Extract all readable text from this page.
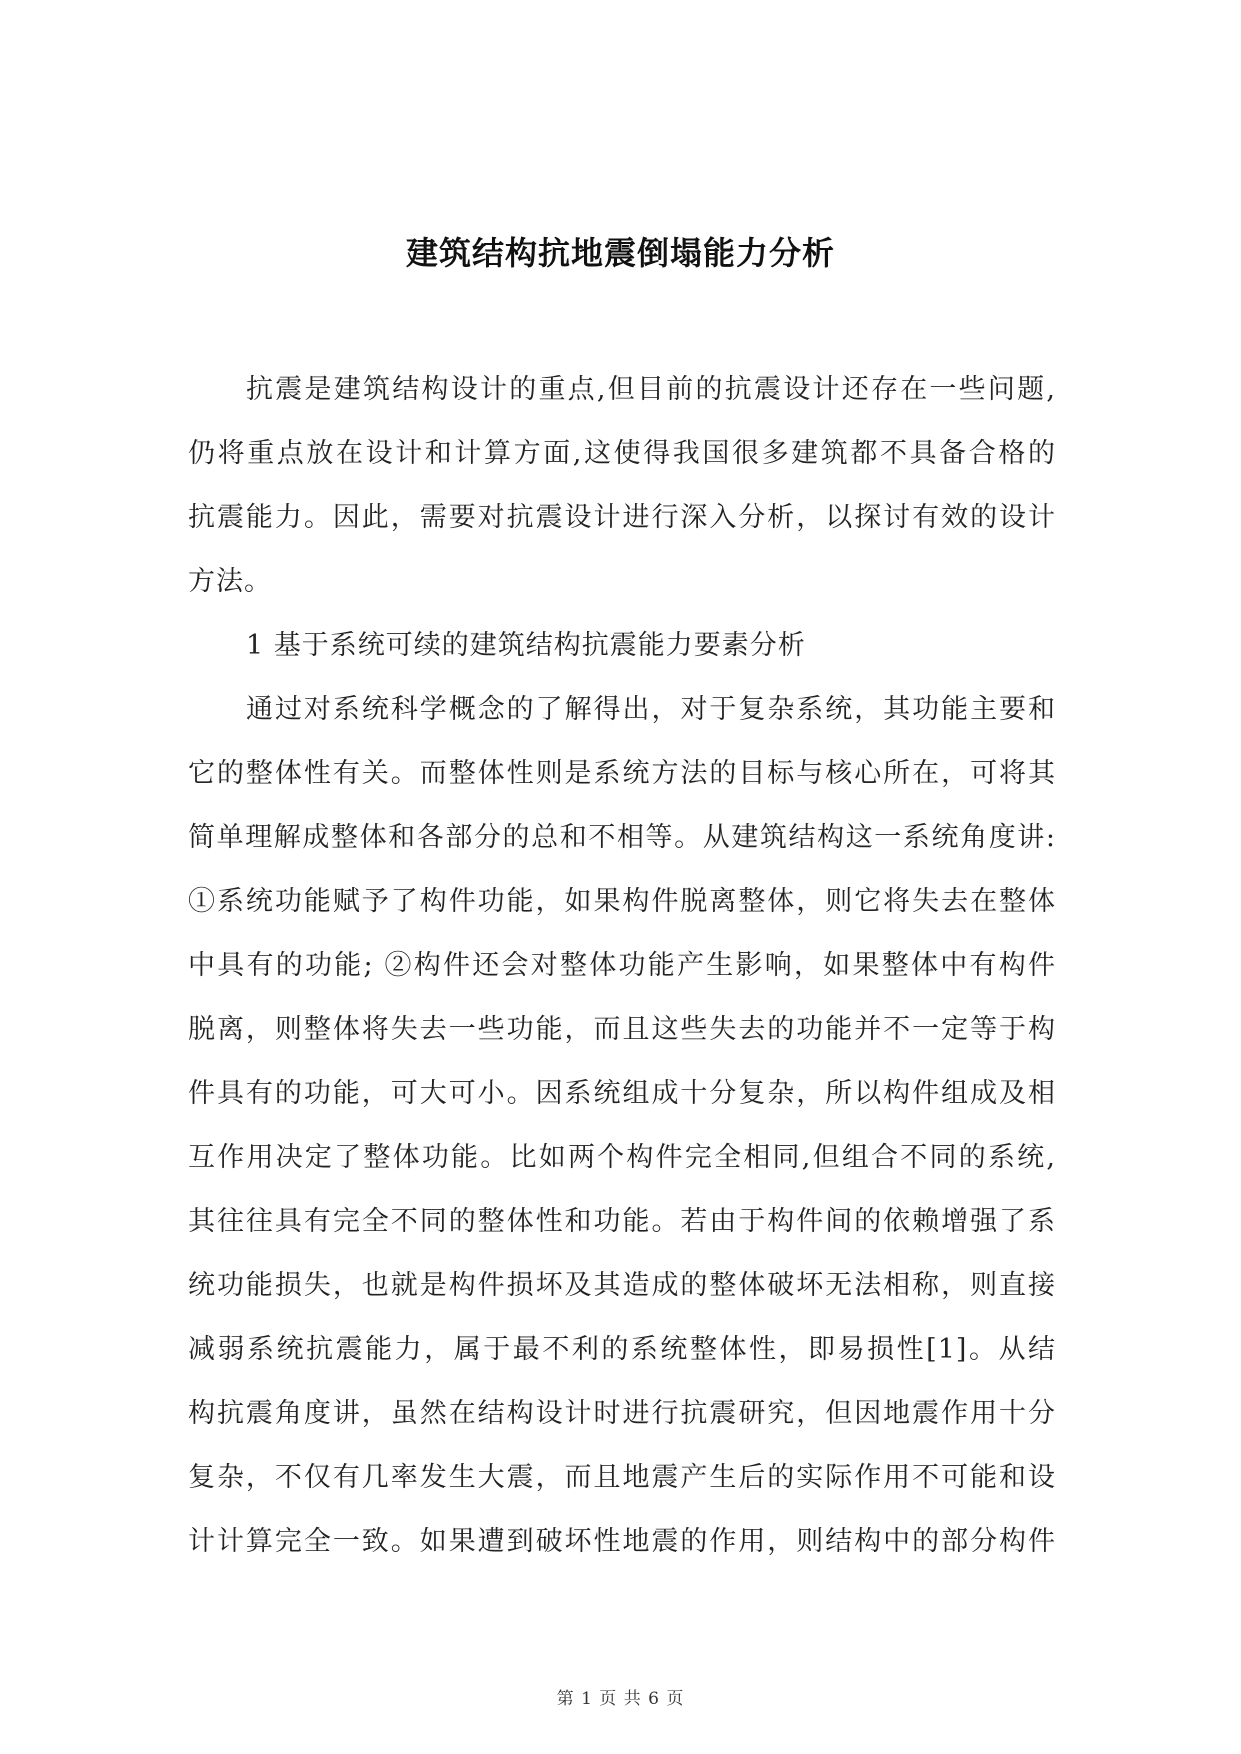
建筑结构抗地震倒塌能力分析
抗震是建筑结构设计的重点,但目前的抗震设计还存在一些问题,
仍将重点放在设计和计算方面,这使得我国很多建筑都不具备合格的
抗震能力。因此，需要对抗震设计进行深入分析，以探讨有效的设计
方法。
1 基于系统可续的建筑结构抗震能力要素分析
通过对系统科学概念的了解得出，对于复杂系统，其功能主要和
它的整体性有关。而整体性则是系统方法的目标与核心所在，可将其
简单理解成整体和各部分的总和不相等。从建筑结构这一系统角度讲:
①系统功能赋予了构件功能，如果构件脱离整体，则它将失去在整体
中具有的功能; ②构件还会对整体功能产生影响，如果整体中有构件
脱离，则整体将失去一些功能，而且这些失去的功能并不一定等于构
件具有的功能，可大可小。因系统组成十分复杂，所以构件组成及相
互作用决定了整体功能。比如两个构件完全相同,但组合不同的系统,
其往往具有完全不同的整体性和功能。若由于构件间的依赖增强了系
统功能损失，也就是构件损坏及其造成的整体破坏无法相称，则直接
减弱系统抗震能力，属于最不利的系统整体性，即易损性[1]。从结
构抗震角度讲，虽然在结构设计时进行抗震研究，但因地震作用十分
复杂，不仅有几率发生大震，而且地震产生后的实际作用不可能和设
计计算完全一致。如果遭到破坏性地震的作用，则结构中的部分构件
第 1 页 共 6 页
